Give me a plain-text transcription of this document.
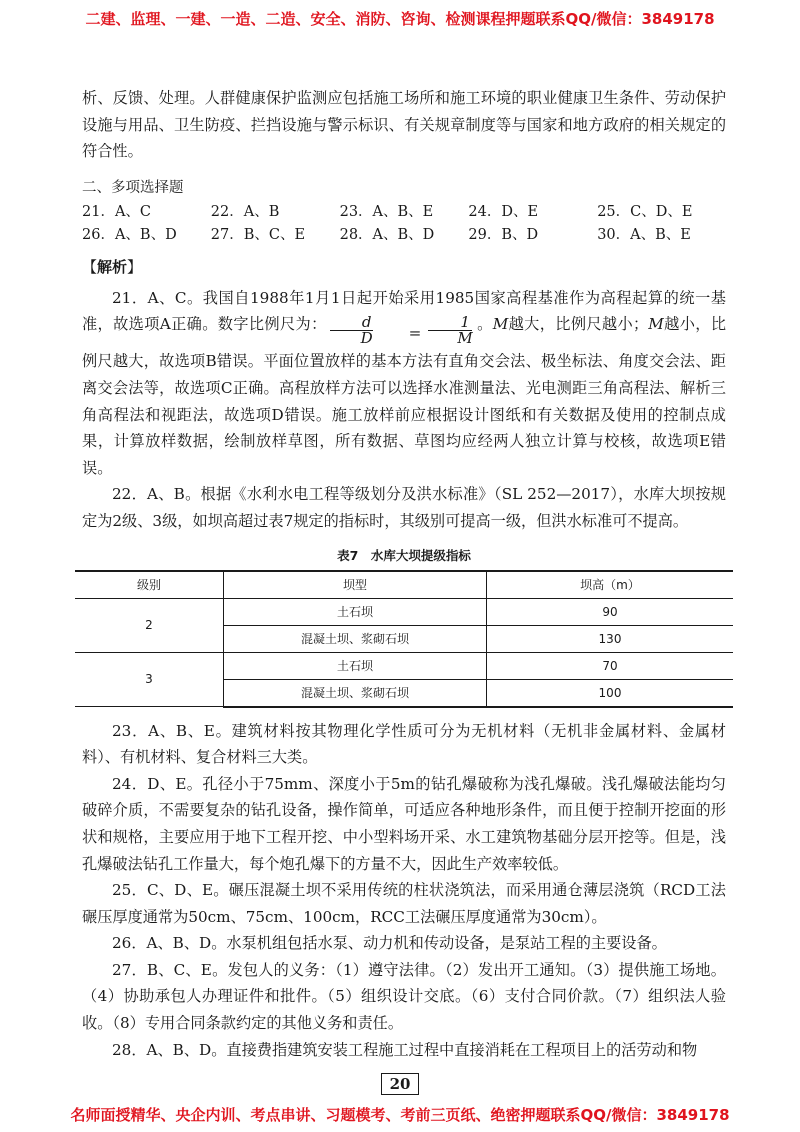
二建、监理、一建、一造、二造、安全、消防、咨询、检测课程押题联系QQ/微信：3849178

析、反馈、处理。人群健康保护监测应包括施工场所和施工环境的职业健康卫生条件、劳动保护设施与用品、卫生防疫、拦挡设施与警示标识、有关规章制度等与国家和地方政府的相关规定的符合性。

二、多项选择题

21．A、C	22．A、B	23．A、B、E	24．D、E	25．C、D、E
26．A、B、D	27．B、C、E	28．A、B、D	29．B、D	30．A、B、E

【解析】

21．A、C。我国自1988年1月1日起开始采用1985国家高程基准作为高程起算的统一基准，故选项A正确。数字比例尺为： $\frac{d}{D}$	= $\frac{1}{M}$ 。M越大，比例尺越小；M越小，比例尺越大，故选项B错误。平面位置放样的基本方法有直角交会法、极坐标法、角度交会法、距离交会法等，故选项C正确。高程放样方法可以选择水准测量法、光电测距三角高程法、解析三角高程法和视距法，故选项D错误。施工放样前应根据设计图纸和有关数据及使用的控制点成果，计算放样数据，绘制放样草图，所有数据、草图均应经两人独立计算与校核，故选项E错误。

22．A、B。根据《水利水电工程等级划分及洪水标准》（SL 252—2017），水库大坝按规定为2级、3级，如坝高超过表7规定的指标时，其级别可提高一级，但洪水标准可不提高。

表7　水库大坝提级指标
级别	坝型	坝高（m）
2	土石坝	90
	混凝土坝、浆砌石坝	130
3	土石坝	70
	混凝土坝、浆砌石坝	100

23．A、B、E。建筑材料按其物理化学性质可分为无机材料（无机非金属材料、金属材料）、有机材料、复合材料三大类。

24．D、E。孔径小于75mm、深度小于5m的钻孔爆破称为浅孔爆破。浅孔爆破法能均匀破碎介质，不需要复杂的钻孔设备，操作简单，可适应各种地形条件，而且便于控制开挖面的形状和规格，主要应用于地下工程开挖、中小型料场开采、水工建筑物基础分层开挖等。但是，浅孔爆破法钻孔工作量大，每个炮孔爆下的方量不大，因此生产效率较低。

25．C、D、E。碾压混凝土坝不采用传统的柱状浇筑法，而采用通仓薄层浇筑（RCD工法碾压厚度通常为50cm、75cm、100cm，RCC工法碾压厚度通常为30cm）。

26．A、B、D。水泵机组包括水泵、动力机和传动设备，是泵站工程的主要设备。

27．B、C、E。发包人的义务：（1）遵守法律。（2）发出开工通知。（3）提供施工场地。（4）协助承包人办理证件和批件。（5）组织设计交底。（6）支付合同价款。（7）组织法人验收。（8）专用合同条款约定的其他义务和责任。

28．A、B、D。直接费指建筑安装工程施工过程中直接消耗在工程项目上的活劳动和物

20
名师面授精华、央企内训、考点串讲、习题模考、考前三页纸、绝密押题联系QQ/微信：3849178
